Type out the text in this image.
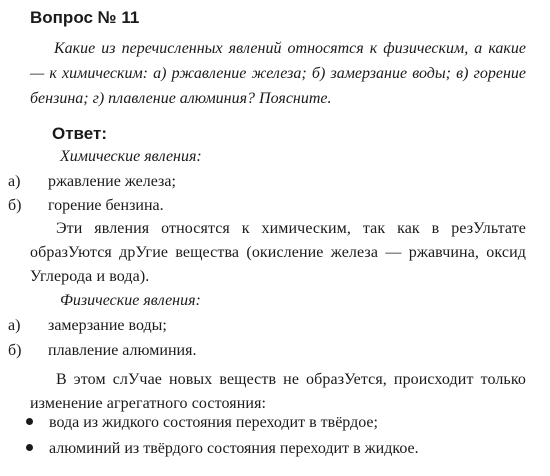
Вопрос № 11
Какие из перечисленных явлений относятся к физическим, а какие — к химическим: а) ржавление железа; б) замерзание воды; в) горение бензина; г) плавление алюминия? Поясните.
Ответ:
Химические явления:
а) ржавление железа;
б) горение бензина.
Эти явления относятся к химическим, так как в резУльтате образУются дрУгие вещества (окисление железа — ржавчина, оксид Углерода и вода).
Физические явления:
а) замерзание воды;
б) плавление алюминия.
В этом слУчае новых веществ не образУется, происходит только изменение агрегатного состояния:
вода из жидкого состояния переходит в твёрдое;
алюминий из твёрдого состояния переходит в жидкое.
